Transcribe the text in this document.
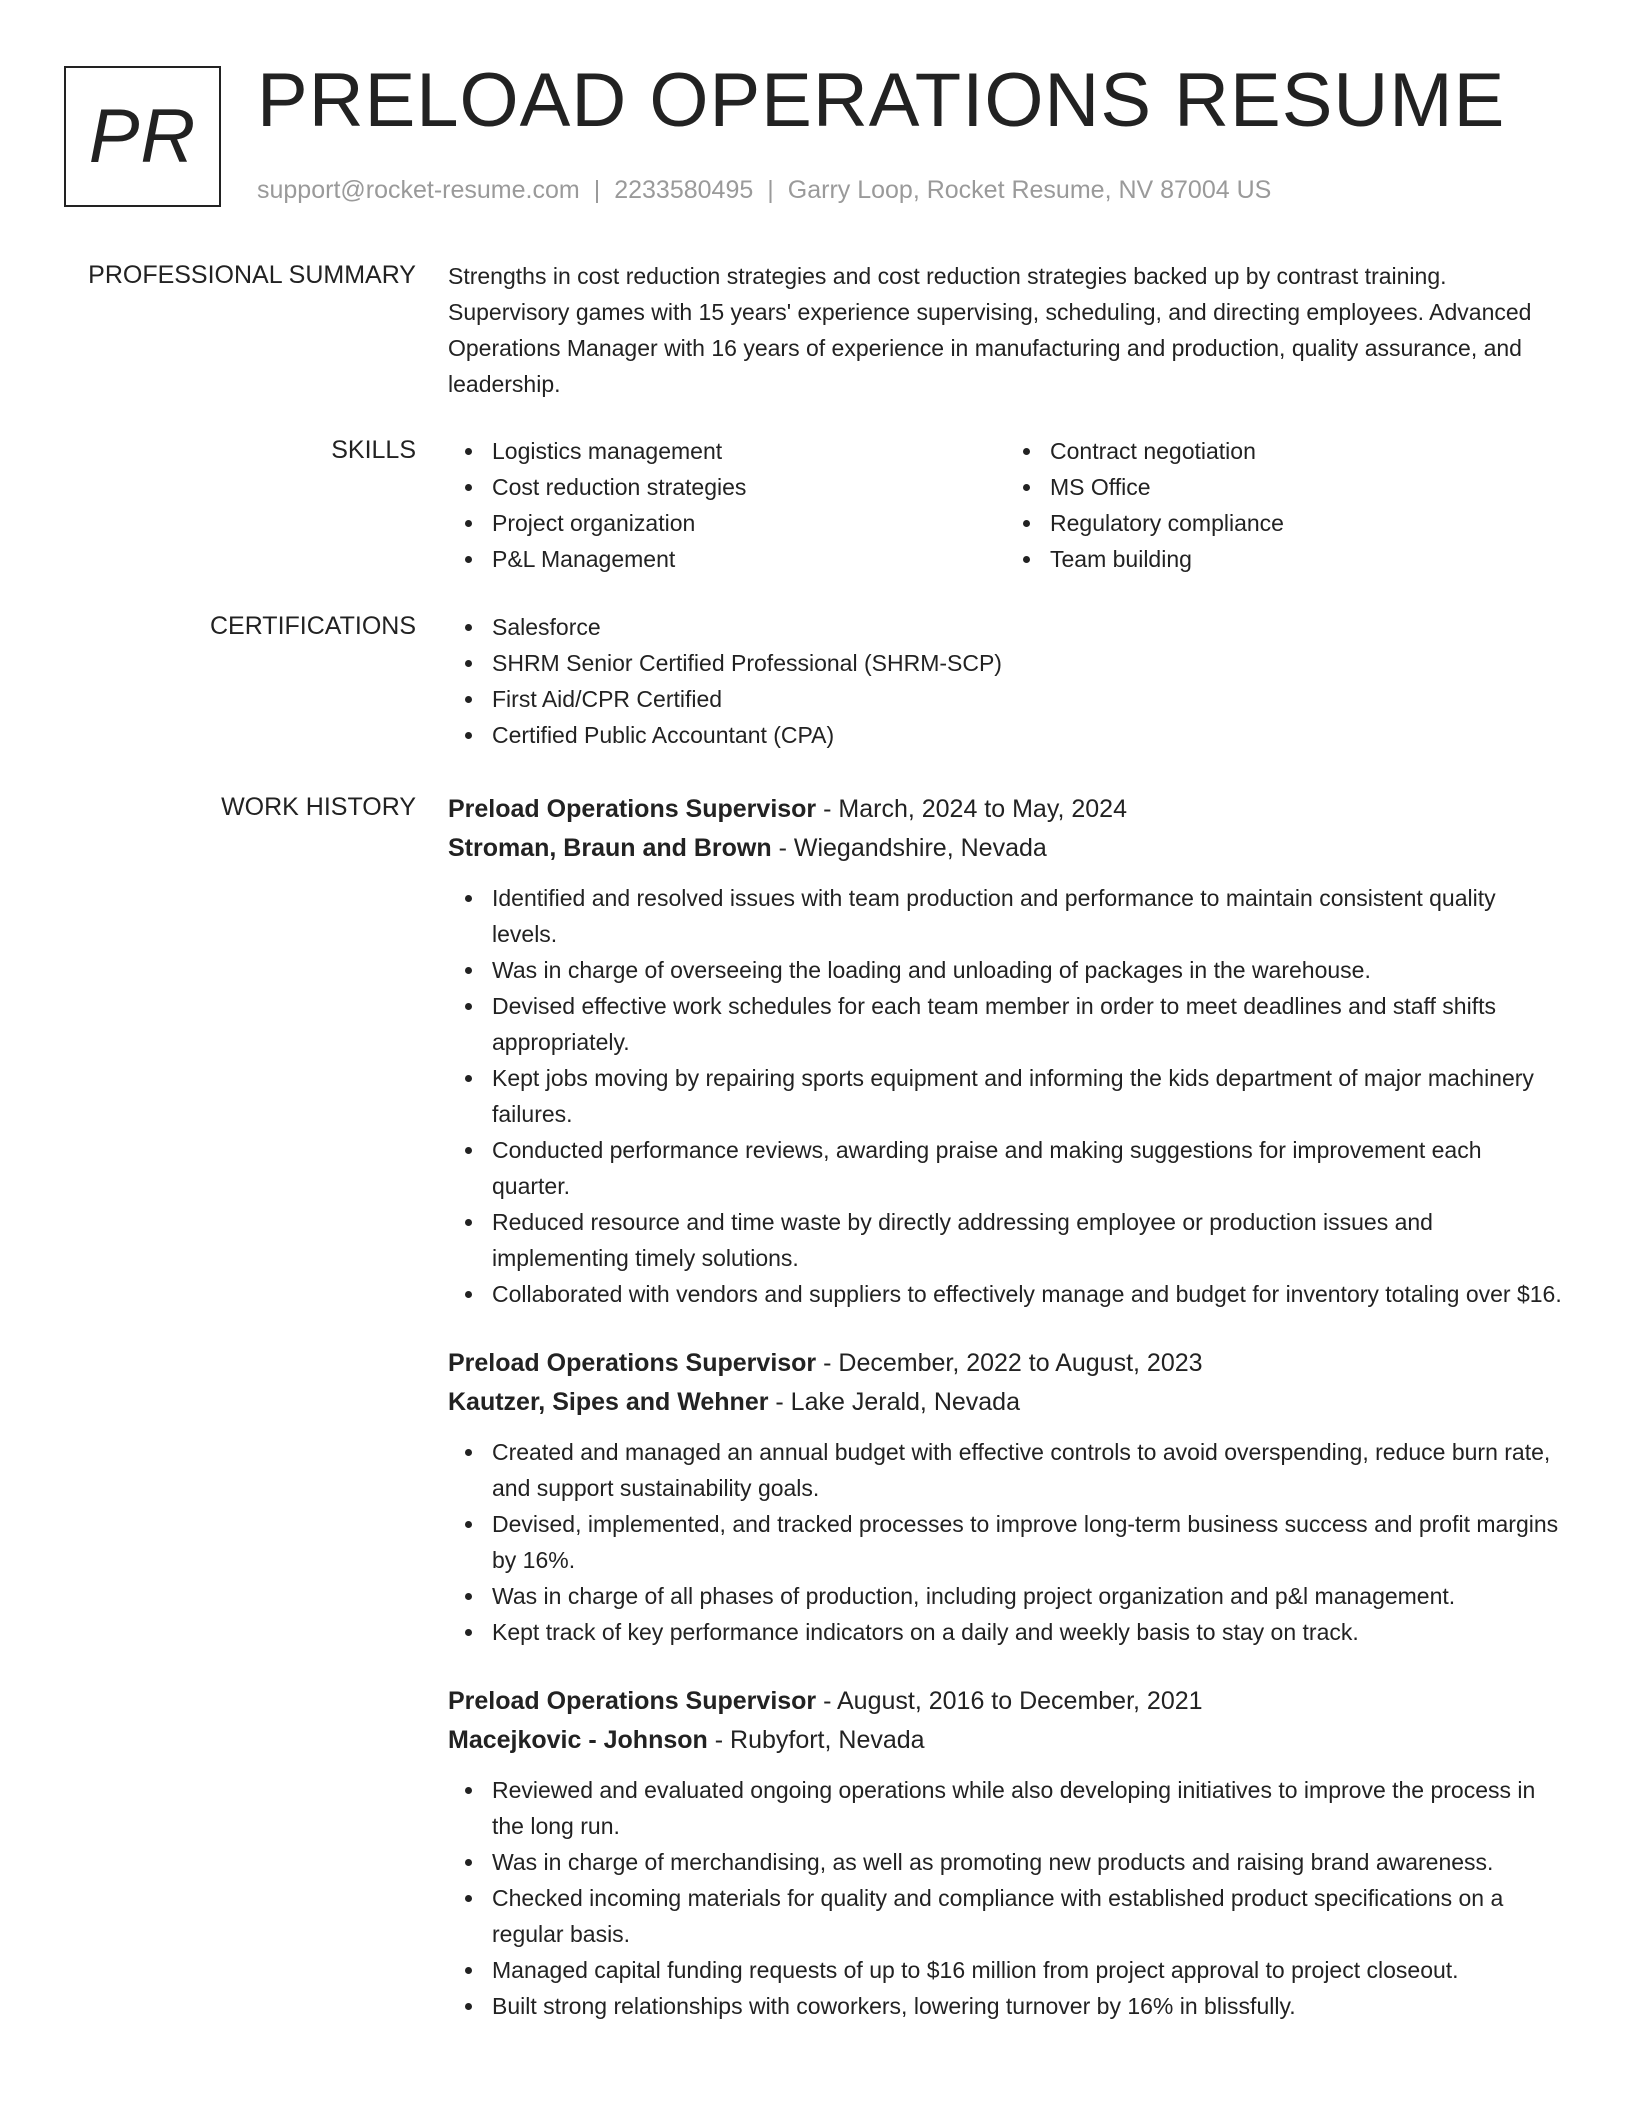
PR PRELOAD OPERATIONS RESUME
support@rocket-resume.com | 2233580495 | Garry Loop, Rocket Resume, NV 87004 US
PROFESSIONAL SUMMARY Strengths in cost reduction strategies and cost reduction strategies backed up by contrast training. Supervisory games with 15 years' experience supervising, scheduling, and directing employees. Advanced Operations Manager with 16 years of experience in manufacturing and production, quality assurance, and leadership.

SKILLS	Logistics management
Cost reduction strategies
Project organization
P&L Management
Contract negotiation
MS Office
Regulatory compliance
Team building
CERTIFICATIONS	Salesforce
SHRM Senior Certified Professional (SHRM-SCP)
First Aid/CPR Certified
Certified Public Accountant (CPA)
WORK HISTORY Preload Operations Supervisor - March, 2024 to May, 2024
Stroman, Braun and Brown - Wiegandshire, Nevada
Identified and resolved issues with team production and performance to maintain consistent quality levels.
Was in charge of overseeing the loading and unloading of packages in the warehouse.
Devised effective work schedules for each team member in order to meet deadlines and staff shifts appropriately.
Kept jobs moving by repairing sports equipment and informing the kids department of major machinery failures.
Conducted performance reviews, awarding praise and making suggestions for improvement each quarter.
Reduced resource and time waste by directly addressing employee or production issues and implementing timely solutions.
Collaborated with vendors and suppliers to effectively manage and budget for inventory totaling over $16.
Preload Operations Supervisor - December, 2022 to August, 2023
Kautzer, Sipes and Wehner - Lake Jerald, Nevada
Created and managed an annual budget with effective controls to avoid overspending, reduce burn rate, and support sustainability goals.
Devised, implemented, and tracked processes to improve long-term business success and profit margins by 16%.
Was in charge of all phases of production, including project organization and p&l management.
Kept track of key performance indicators on a daily and weekly basis to stay on track.
Preload Operations Supervisor - August, 2016 to December, 2021
Macejkovic - Johnson - Rubyfort, Nevada
Reviewed and evaluated ongoing operations while also developing initiatives to improve the process in the long run.
Was in charge of merchandising, as well as promoting new products and raising brand awareness.
Checked incoming materials for quality and compliance with established product specifications on a regular basis.
Managed capital funding requests of up to $16 million from project approval to project closeout.
Built strong relationships with coworkers, lowering turnover by 16% in blissfully.
